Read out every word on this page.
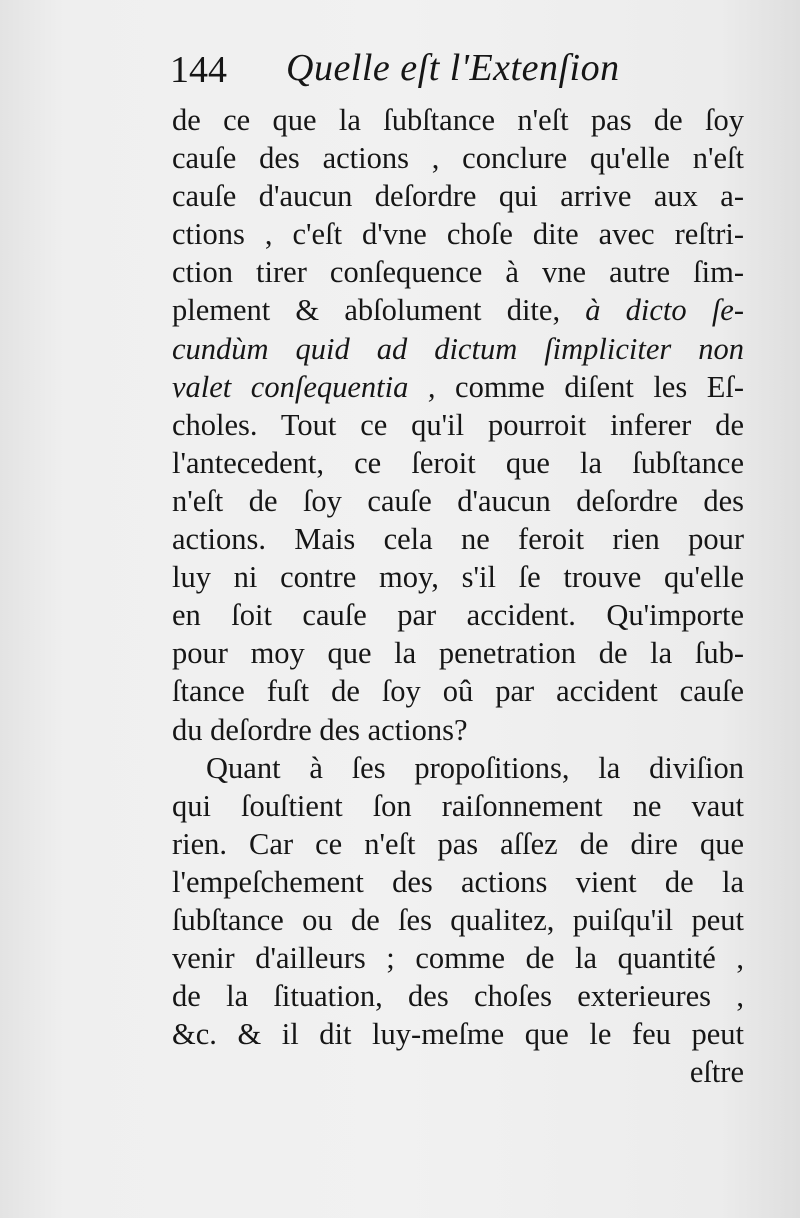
144 Quelle eſt l'Extenſion
de ce que la ſubſtance n'eſt pas de ſoy
cauſe des actions , conclure qu'elle n'eſt
cauſe d'aucun deſordre qui arrive aux a-
ctions , c'eſt d'vne choſe dite avec reſtri-
ction tirer conſequence à vne autre ſim-
plement & abſolument dite, à dicto ſe-
cundùm quid ad dictum ſimpliciter non
valet conſequentia , comme diſent les Eſ-
choles. Tout ce qu'il pourroit inferer de
l'antecedent, ce ſeroit que la ſubſtance
n'eſt de ſoy cauſe d'aucun deſordre des
actions. Mais cela ne feroit rien pour
luy ni contre moy, s'il ſe trouve qu'elle
en ſoit cauſe par accident. Qu'importe
pour moy que la penetration de la ſub-
ſtance fuſt de ſoy oû par accident cauſe
du deſordre des actions?
Quant à ſes propoſitions, la diviſion
qui ſouſtient ſon raiſonnement ne vaut
rien. Car ce n'eſt pas aſſez de dire que
l'empeſchement des actions vient de la
ſubſtance ou de ſes qualitez, puiſqu'il peut
venir d'ailleurs ; comme de la quantité ,
de la ſituation, des choſes exterieures ,
&c. & il dit luy-meſme que le feu peut
eſtre
